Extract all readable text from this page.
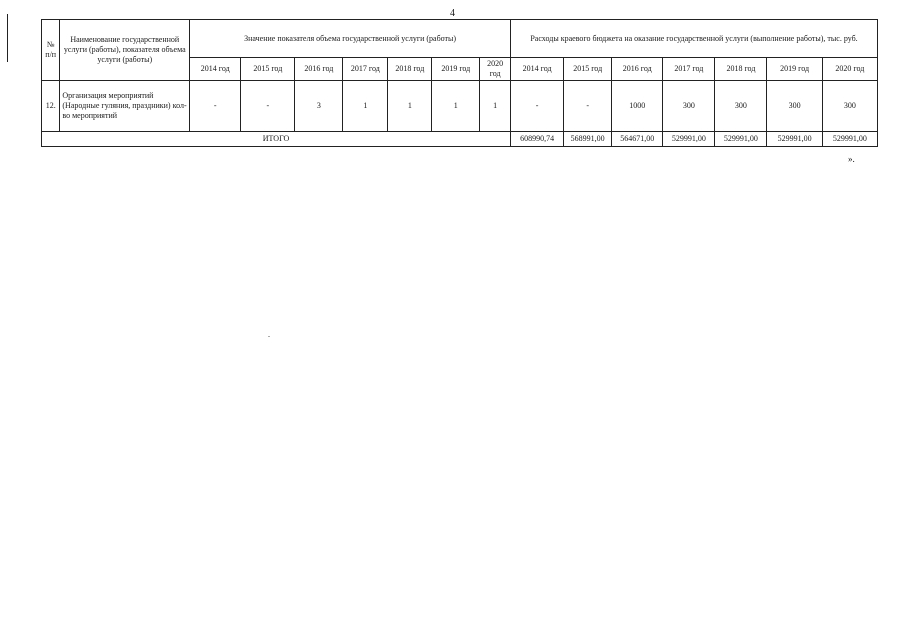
4
№ п/п	Наименование государственной услуги (работы), показателя объема услуги (работы)	Значение показателя объема государственной услуги (работы)							Расходы краевого бюджета на оказание государственной услуги (выполнение работы), тыс. руб.						
		2014 год	2015 год	2016 год	2017 год	2018 год	2019 год	2020 год	2014 год	2015 год	2016 год	2017 год	2018 год	2019 год	2020 год
12.	Организация мероприятий (Народные гуляния, праздники) кол-во мероприятий	-	-	3	1	1	1	1	-	-	1000	300	300	300	300
ИТОГО									608990,74	568991,00	564671,00	529991,00	529991,00	529991,00	529991,00
».
.
